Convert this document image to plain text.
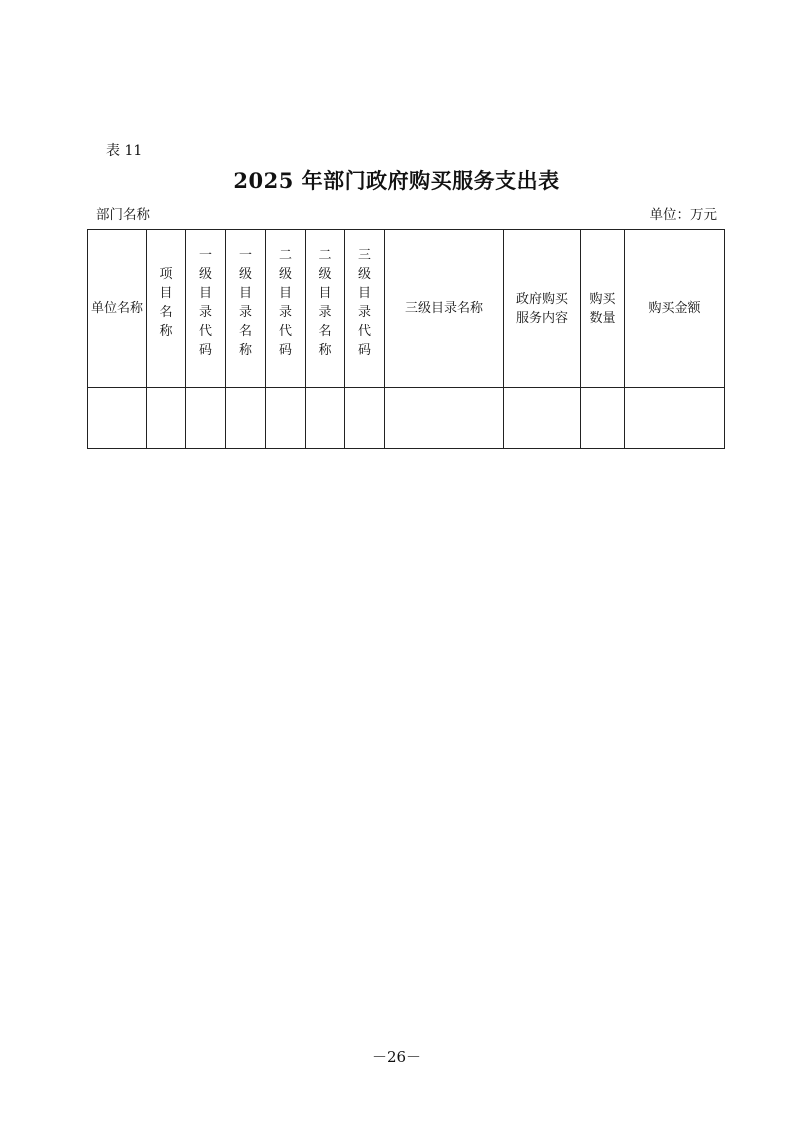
表 11
2025 年部门政府购买服务支出表
部门名称	单位：万元
单位名称	项目名称	一级目录代码	一级目录名称	二级目录代码	二级目录名称	三级目录代码	三级目录名称	政府购买服务内容	购买数量	购买金额

－26－
